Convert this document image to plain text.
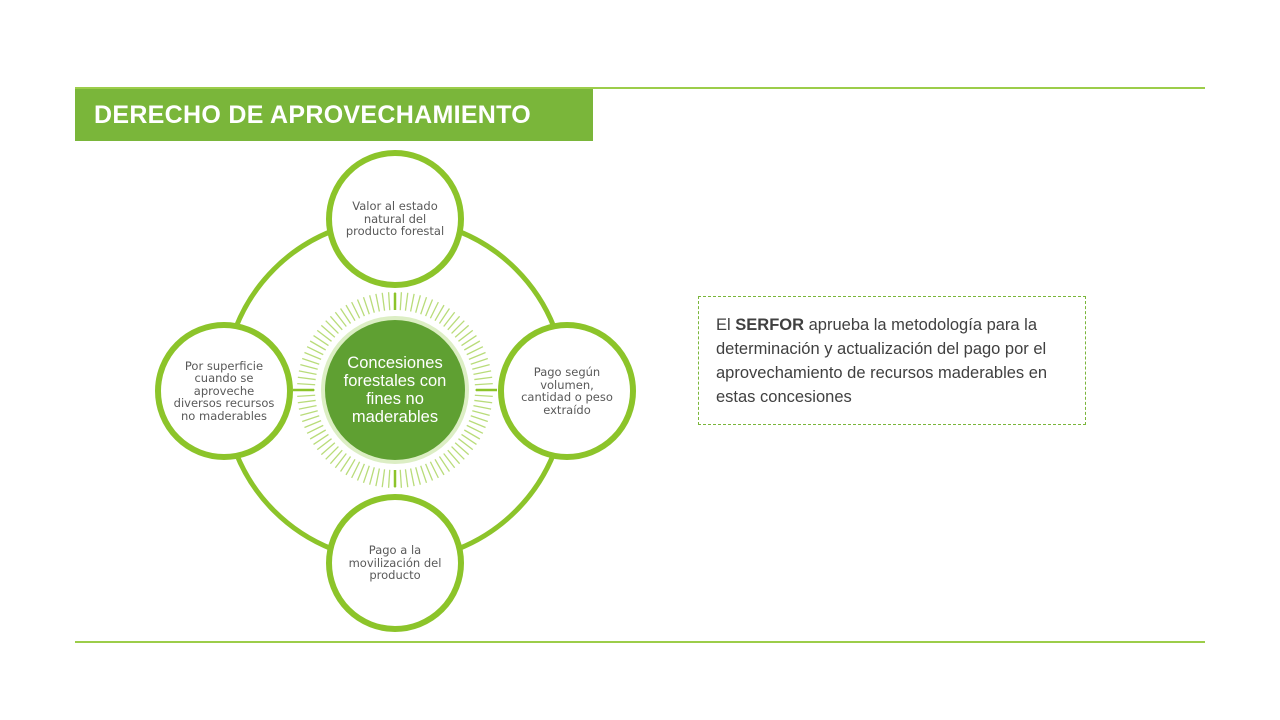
DERECHO DE APROVECHAMIENTO
Concesiones forestales con fines no maderables
Valor al estado natural del producto forestal
Pago según volumen, cantidad o peso extraído
Pago a la movilización del producto
Por superficie cuando se aproveche diversos recursos no maderables

El SERFOR aprueba la metodología para la determinación y actualización del pago por el aprovechamiento de recursos maderables en estas concesiones
